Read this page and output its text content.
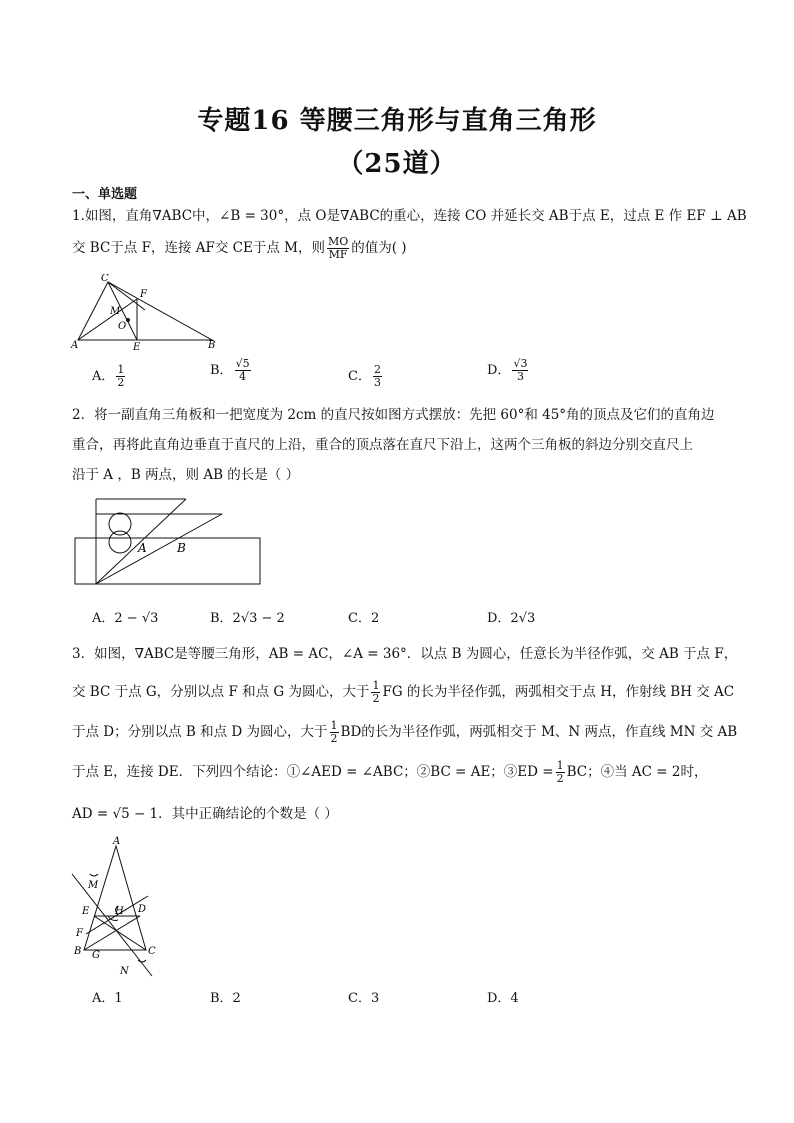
专题16 等腰三角形与直角三角形
（25道）
一、单选题
1.如图，直角∇ABC中，∠B = 30°，点 O是∇ABC的重心，连接 CO 并延长交 AB于点 E，过点 E 作 EF ⊥ AB
交 BC于点 F，连接 AF交 CE于点 M，则 $\frac{MO}{MF}$ 的值为( )
C
F
M
O
A	E	B
A． $\frac{1}{2}$	B． $\frac{√5}{4}$	C． $\frac{2}{3}$	D． $\frac{√3}{3}$
2．将一副直角三角板和一把宽度为 2cm 的直尺按如图方式摆放：先把 60°和 45°角的顶点及它们的直角边
重合，再将此直角边垂直于直尺的上沿，重合的顶点落在直尺下沿上，这两个三角板的斜边分别交直尺上
沿于 A ，B 两点，则 AB 的长是（ ）
A	B
A．2 − √3	B．2√3 − 2	C．2	D．2√3
3．如图，∇ABC是等腰三角形，AB = AC，∠A = 36°．以点 B 为圆心，任意长为半径作弧，交 AB 于点 F，
交 BC 于点 G，分别以点 F 和点 G 为圆心，大于 $\frac{1}{2}$ FG 的长为半径作弧，两弧相交于点 H，作射线 BH 交 AC
于点 D；分别以点 B 和点 D 为圆心，大于 $\frac{1}{2}$ BD的长为半径作弧，两弧相交于 M、N 两点，作直线 MN 交 AB
于点 E，连接 DE．下列四个结论：①∠AED = ∠ABC；②BC = AE；③ED = $\frac{1}{2}$ BC；④当 AC = 2时，
AD = √5 − 1．其中正确结论的个数是（ ）
A
M
E	H D
F
B G	C
N
A．1	B．2	C．3	D．4
